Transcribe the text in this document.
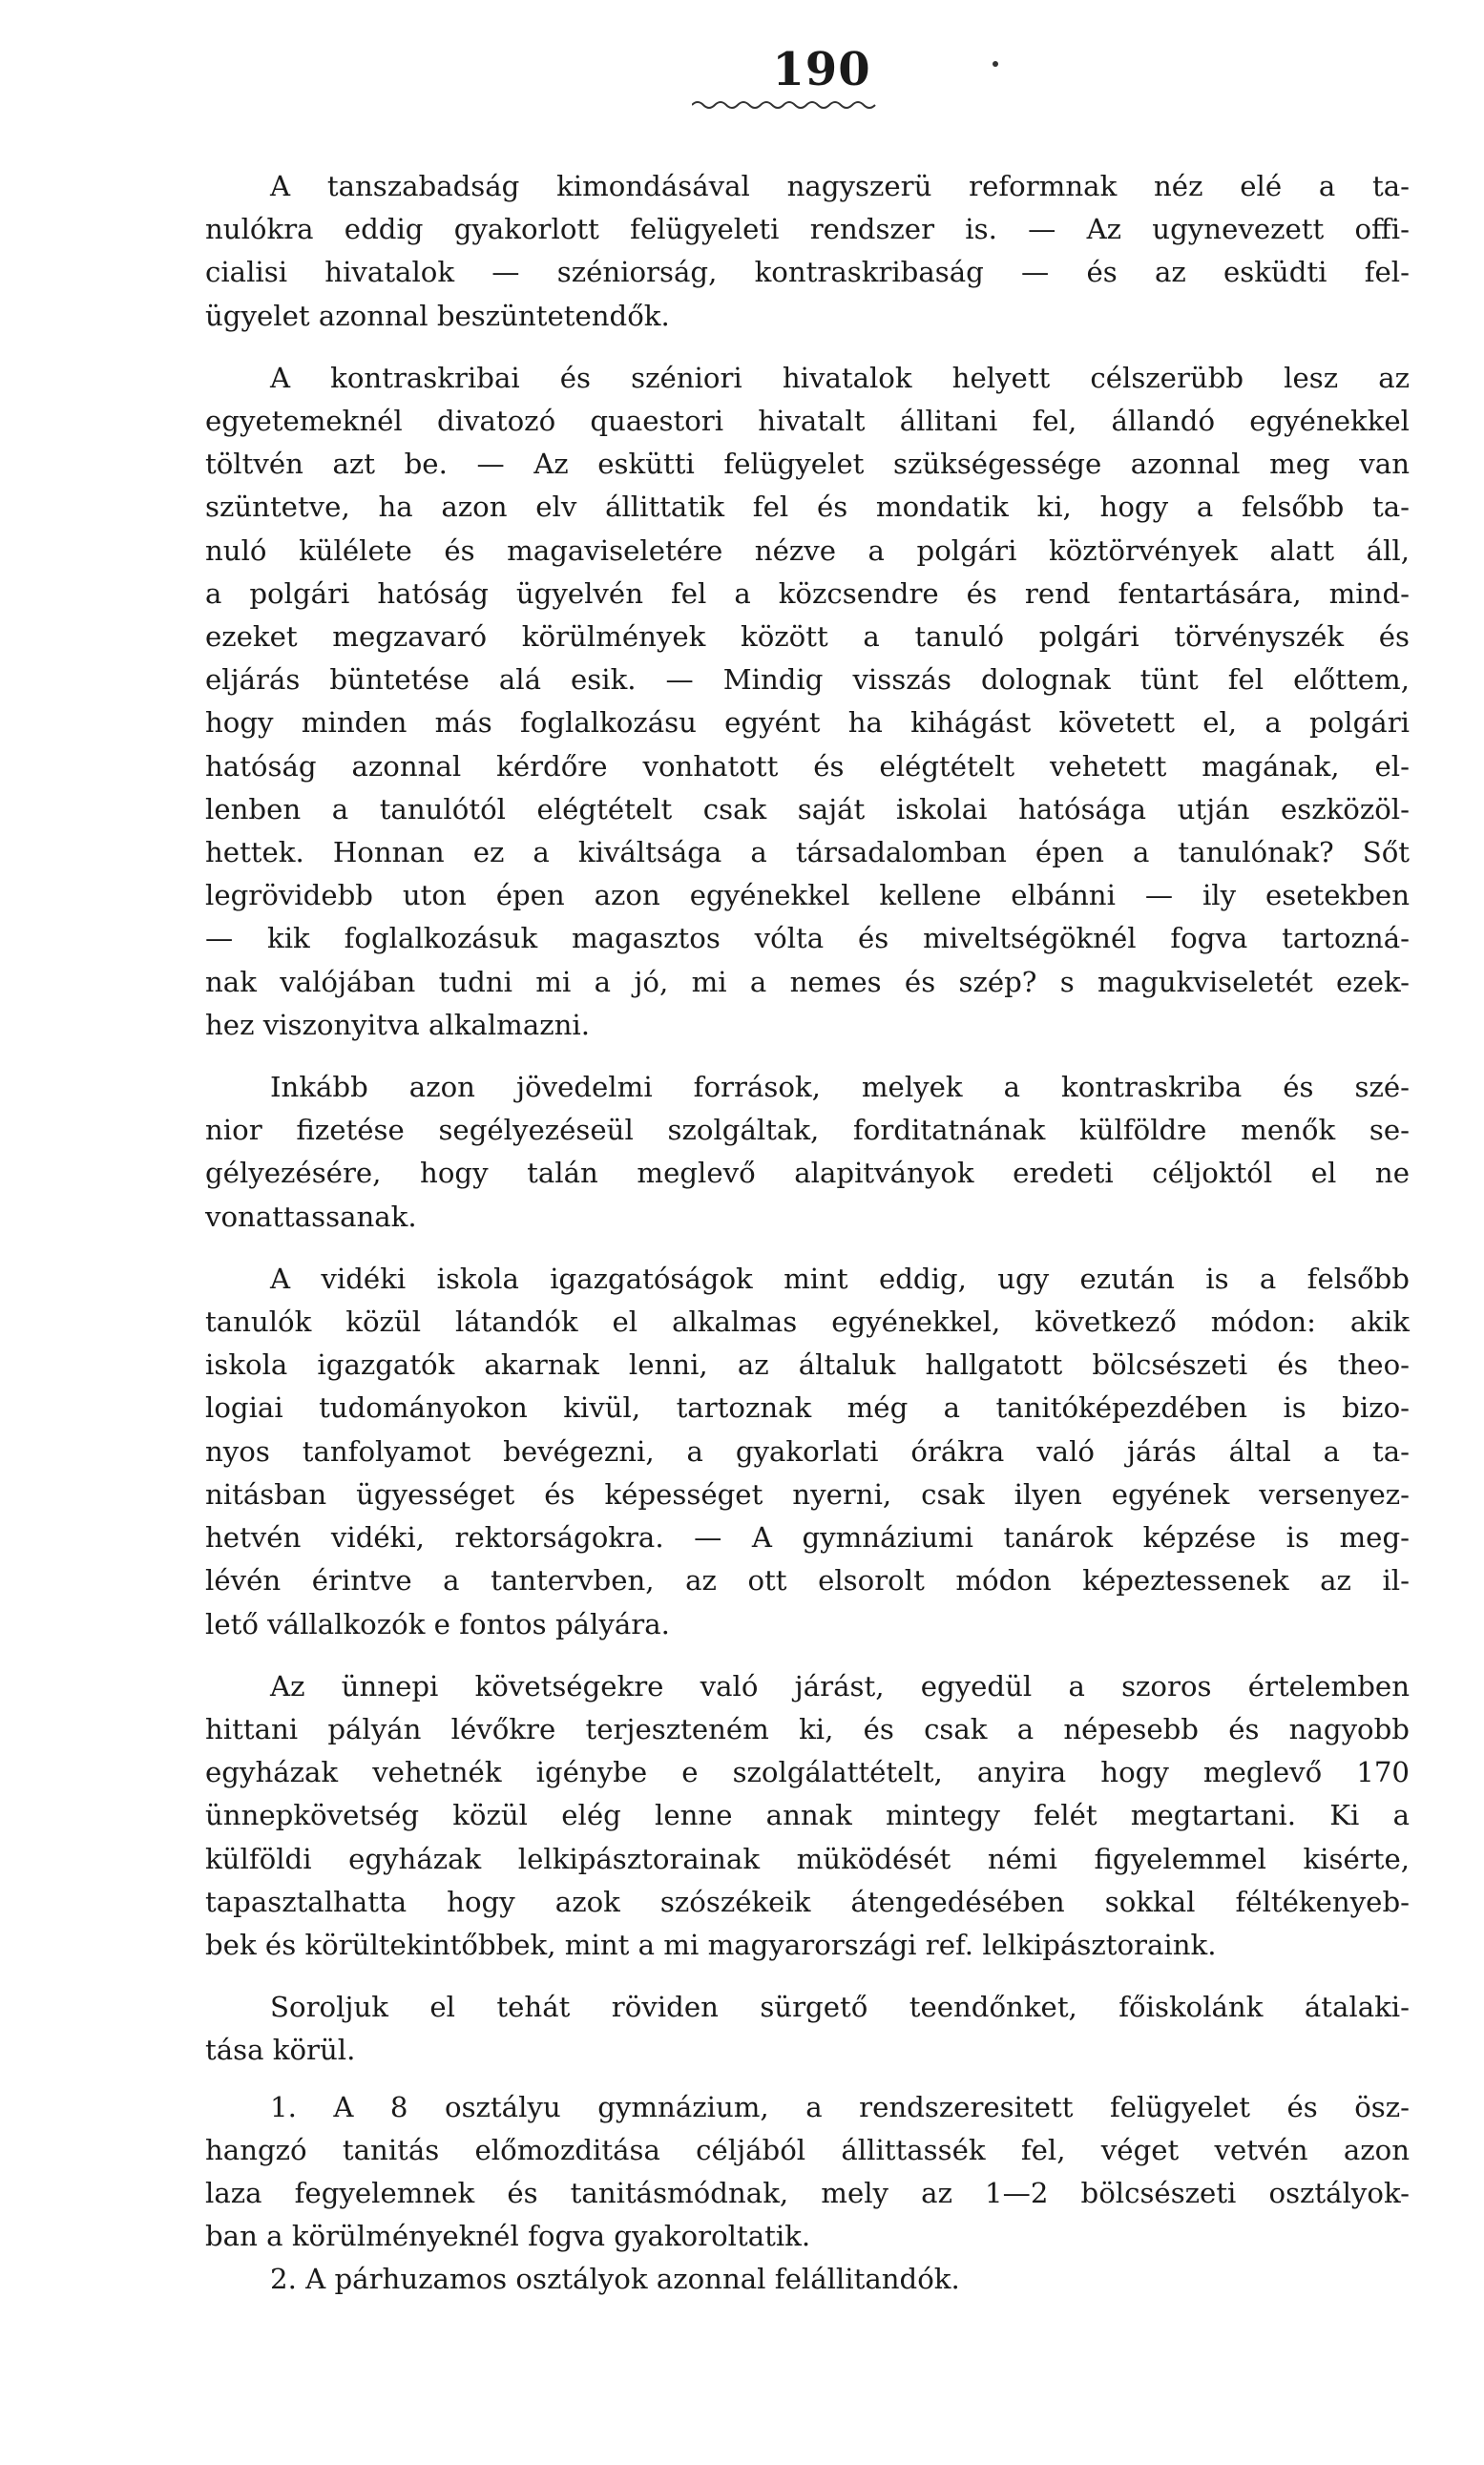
190
A tanszabadság kimondásával nagyszerü reformnak néz elé a ta-
nulókra eddig gyakorlott felügyeleti rendszer is. — Az ugynevezett offi-
cialisi hivatalok — szénіorság, kontraskribaság — és az esküdti fel-
ügyelet azonnal beszüntetendők.
A kontraskribai és széniori hivatalok helyett célszerübb lesz az
egyetemeknél divatozó quaestori hivatalt állitani fel, állandó egyénekkel
töltvén azt be. — Az eskütti felügyelet szükségessége azonnal meg van
szüntetve, ha azon elv állittatik fel és mondatik ki, hogy a felsőbb ta-
nuló külélete és magaviseletére nézve a polgári köztörvények alatt áll,
a polgári hatóság ügyelvén fel a közcsendre és rend fentartására, mind-
ezeket megzavaró körülmények között a tanuló polgári törvényszék és
eljárás büntetése alá esik. — Mindig visszás dolognak tünt fel előttem,
hogy minden más foglalkozásu egyént ha kihágást követett el, a polgári
hatóság azonnal kérdőre vonhatott és elégtételt vehetett magának, el-
lenben a tanulótól elégtételt csak saját iskolai hatósága utján eszközöl-
hettek. Honnan ez a kiváltsága a társadalomban épen a tanulónak? Sőt
legrövidebb uton épen azon egyénekkel kellene elbánni — ily esetekben
— kik foglalkozásuk magasztos vólta és miveltségöknél fogva tartozná-
nak valójában tudni mi a jó, mi a nemes és szép? s magukviseletét ezek-
hez viszonyitva alkalmazni.
Inkább azon jövedelmi források, melyek a kontraskriba és szé-
nior fizetése segélyezéseül szolgáltak, forditatnának külföldre menők se-
gélyezésére, hogy talán meglevő alapitványok eredeti céljoktól el ne
vonattassanak.
A vidéki iskola igazgatóságok mint eddig, ugy ezután is a felsőbb
tanulók közül látandók el alkalmas egyénekkel, következő módon: akik
iskola igazgatók akarnak lenni, az általuk hallgatott bölcsészeti és theo-
logiai tudományokon kivül, tartoznak még a tanitóképezdében is bizo-
nyos tanfolyamot bevégezni, a gyakorlati órákra való járás által a ta-
nitásban ügyességet és képességet nyerni, csak ilyen egyének versenyez-
hetvén vidéki, rektorságokra. — A gymnáziumi tanárok képzése is meg-
lévén érintve a tantervben, az ott elsorolt módon képeztessenek az il-
lető vállalkozók e fontos pályára.
Az ünnepi követségekre való járást, egyedül a szoros értelemben
hittani pályán lévőkre terjeszteném ki, és csak a népesebb és nagyobb
egyházak vehetnék igénybe e szolgálattételt, anyira hogy meglevő 170
ünnepkövetség közül elég lenne annak mintegy felét megtartani. Ki a
külföldi egyházak lelkipásztorainak müködését némi figyelemmel kisérte,
tapasztalhatta hogy azok szószékeik átengedésében sokkal féltékenyeb-
bek és körültekintőbbek, mint a mi magyarországi ref. lelkipásztoraink.
Soroljuk el tehát röviden sürgető teendőnket, főiskolánk átalaki-
tása körül.
1. A 8 osztályu gymnázium, a rendszeresitett felügyelet és ösz-
hangzó tanitás előmozditása céljából állittassék fel, véget vetvén azon
laza fegyelemnek és tanitásmódnak, mely az 1—2 bölcsészeti osztályok-
ban a körülményeknél fogva gyakoroltatik.
2. A párhuzamos osztályok azonnal felállitandók.
